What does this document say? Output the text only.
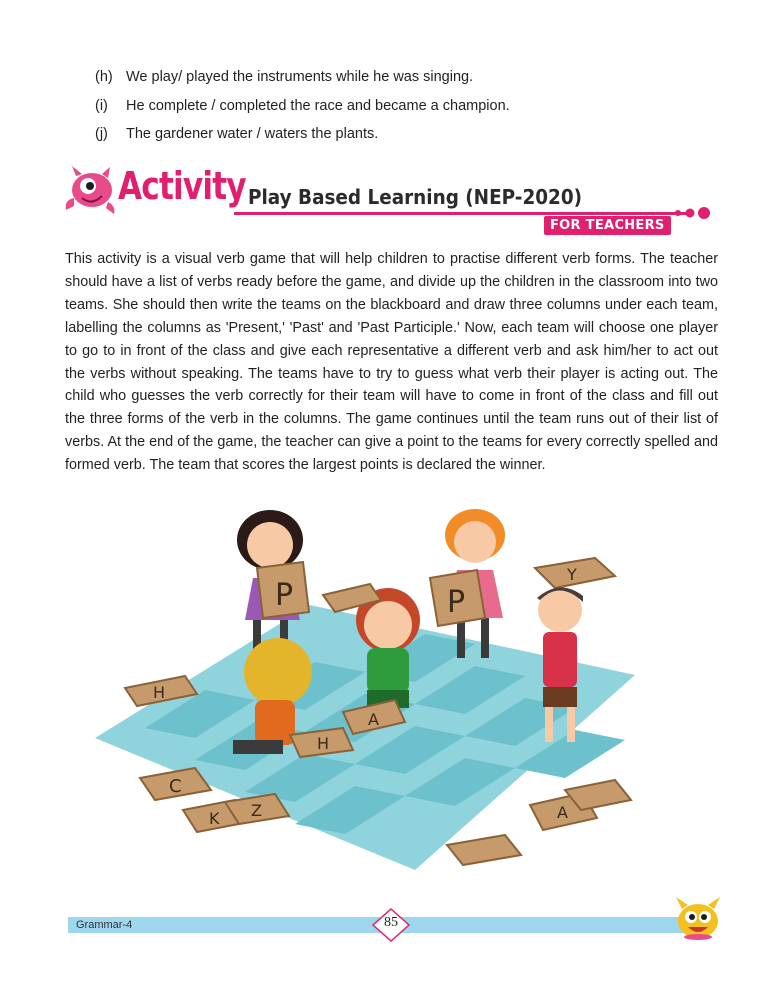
(h) We play/ played the instruments while he was singing.
(i) He complete / completed the race and became a champion.
(j) The gardener water / waters the plants.
Activity Play Based Learning (NEP-2020)
FOR TEACHERS

This activity is a visual verb game that will help children to practise different verb forms. The teacher should have a list of verbs ready before the game, and divide up the children in the classroom into two teams. She should then write the teams on the blackboard and draw three columns under each team, labelling the columns as 'Present,' 'Past' and 'Past Participle.' Now, each team will choose one player to go to in front of the class and give each representative a different verb and ask him/her to act out the verbs without speaking. The teams have to try to guess what verb their player is acting out. The child who guesses the verb correctly for their team will have to come in front of the class and fill out the three forms of the verb in the columns. The game continues until the team runs out of their list of verbs. At the end of the game, the teacher can give a point to the teams for every correctly spelled and formed verb. The team that scores the largest points is declared the winner.

P	P
Y
H
A
H
C
K Z	A
Grammar-4	85
